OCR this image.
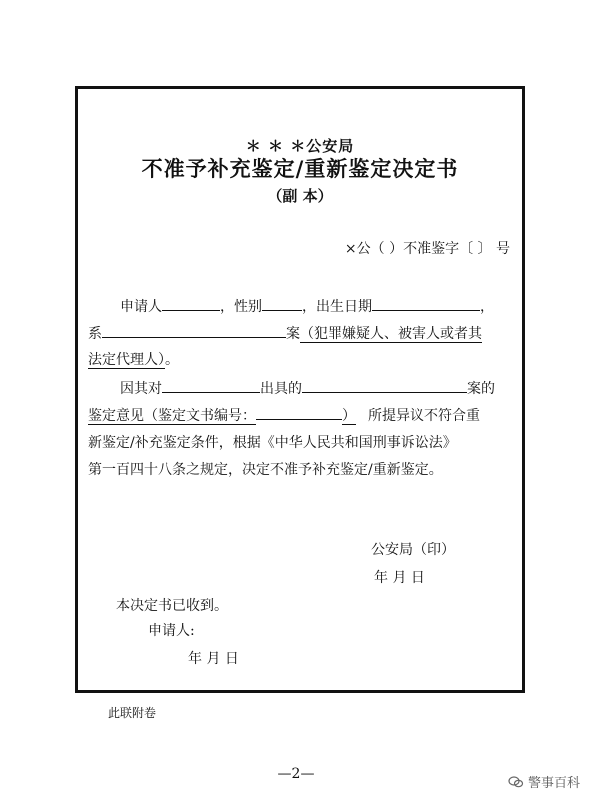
＊ ＊ ＊公安局
不准予补充鉴定/重新鉴定决定书
（副 本）
×公（ ）不准鉴字〔 〕 号
申请人	，性别	，出生日期	，
系	案（犯罪嫌疑人、被害人或者其
法定代理人）。
因其对	出具的	案的
鉴定意见（鉴定文书编号：	） 所提异议不符合重
新鉴定/补充鉴定条件，根据《中华人民共和国刑事诉讼法》
第一百四十八条之规定，决定不准予补充鉴定/重新鉴定。
公安局（印）
年 月 日
本决定书已收到。
申请人:
年 月 日
此联附卷
—2—
警事百科
